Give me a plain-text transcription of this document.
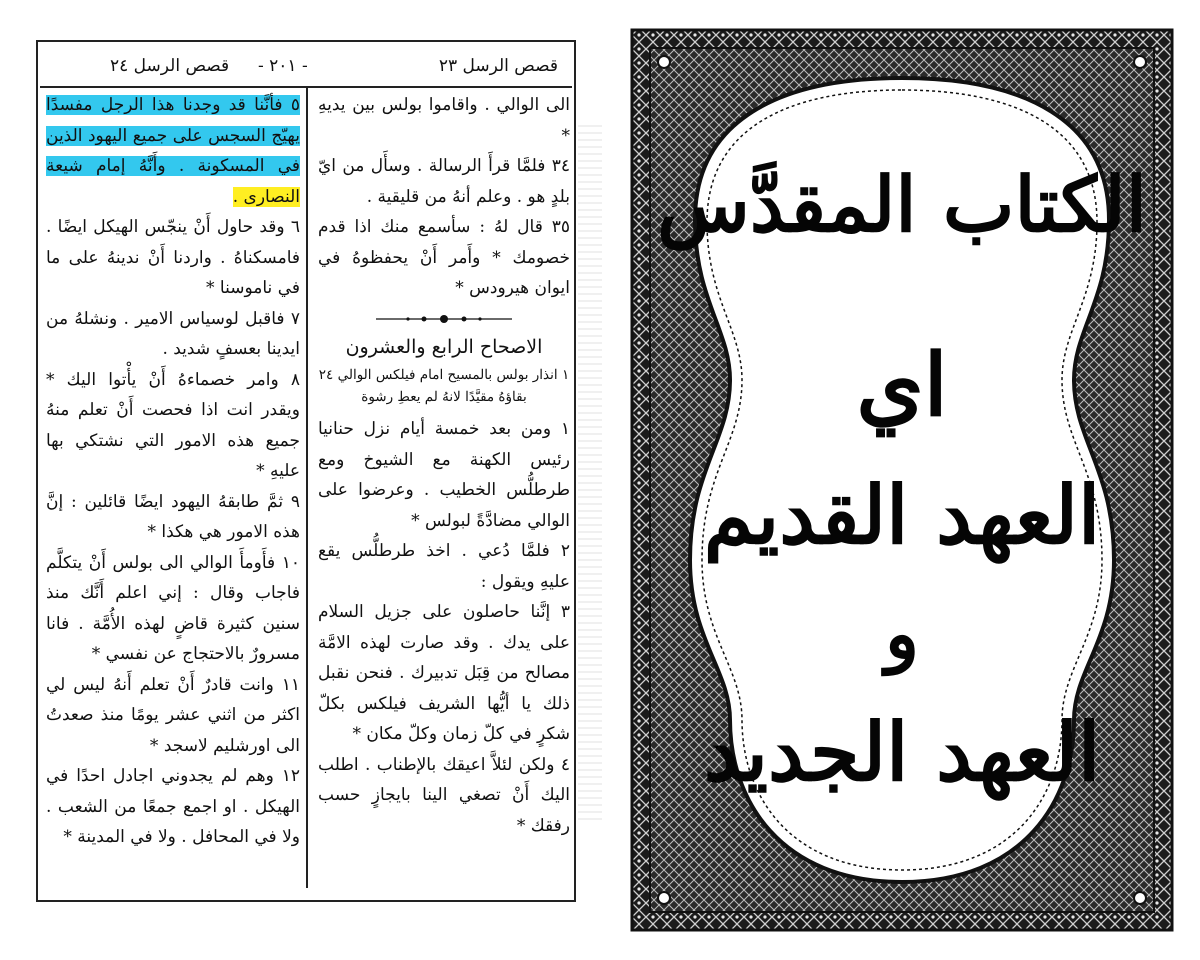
قصص الرسل ٢٣
- ٢٠١ -
قصص الرسل ٢٤

الى الوالي . واقاموا بولس بين يديهِ *

٣٤ فلمَّا قرأَ الرسالة . وسأَل من ايّ بلدٍ هو . وعلم أنهُ من قليقية .

٣٥ قال لهُ : سأسمع منك اذا قدم خصومك * وأَمر أَنْ يحفظوهُ في ايوان هيرودس *

الاصحاح الرابع والعشرون

١ انذار بولس بالمسيح امام فيلكس الوالي ٢٤ بقاؤهُ مقيَّدًا لانهُ لم يعطِ رشوة

١ ومن بعد خمسة أيام نزل حنانيا رئيس الكهنة مع الشيوخ ومع طرطلُّس الخطيب . وعرضوا على الوالي مضادَّةً لبولس *

٢ فلمَّا دُعي . اخذ طرطلُّس يقع عليهِ ويقول :

٣ إنَّنا حاصلون على جزيل السلام على يدك . وقد صارت لهذه الامَّة مصالح من قِبَل تدبيرك . فنحن نقبل ذلك يا أيُّها الشريف فيلكس بكلّ شكرٍ في كلّ زمان وكلّ مكان *

٤ ولكن لئلاَّ اعيقك بالإطناب . اطلب اليك أَنْ تصغي الينا بايجازٍ حسب رفقك *

٥ فأنَّنا قد وجدنا هذا الرجل مفسدًا يهيّج السجس على جميع اليهود الذين في المسكونة . وأَنَّهُ إمام شيعة النصارى .

٦ وقد حاول أَنْ ينجّس الهيكل ايضًا . فامسكناهُ . واردنا أَنْ ندينهُ على ما في ناموسنا *

٧ فاقبل لوسياس الامير . ونشلهُ من ايدينا بعسفٍ شديد .

٨ وامر خصماءهُ أَنْ يأْتوا اليك * ويقدر انت اذا فحصت أَنْ تعلم منهُ جميع هذه الامور التي نشتكي بها عليهِ *

٩ ثمَّ طابقهُ اليهود ايضًا قائلين : إنَّ هذه الامور هي هكذا *

١٠ فأَومأَ الوالي الى بولس أَنْ يتكلَّم فاجاب وقال : إني اعلم أَنَّك منذ سنين كثيرة قاضٍ لهذه الأُمَّة . فانا مسرورٌ بالاحتجاج عن نفسي *

١١ وانت قادرٌ أَنْ تعلم أَنهُ ليس لي اكثر من اثني عشر يومًا منذ صعدتُ الى اورشليم لاسجد *

١٢ وهم لم يجدوني اجادل احدًا في الهيكل . او اجمع جمعًا من الشعب . ولا في المحافل . ولا في المدينة *

الكتاب المقدَّس
اي
العهد القديم
و
العهد الجديد
